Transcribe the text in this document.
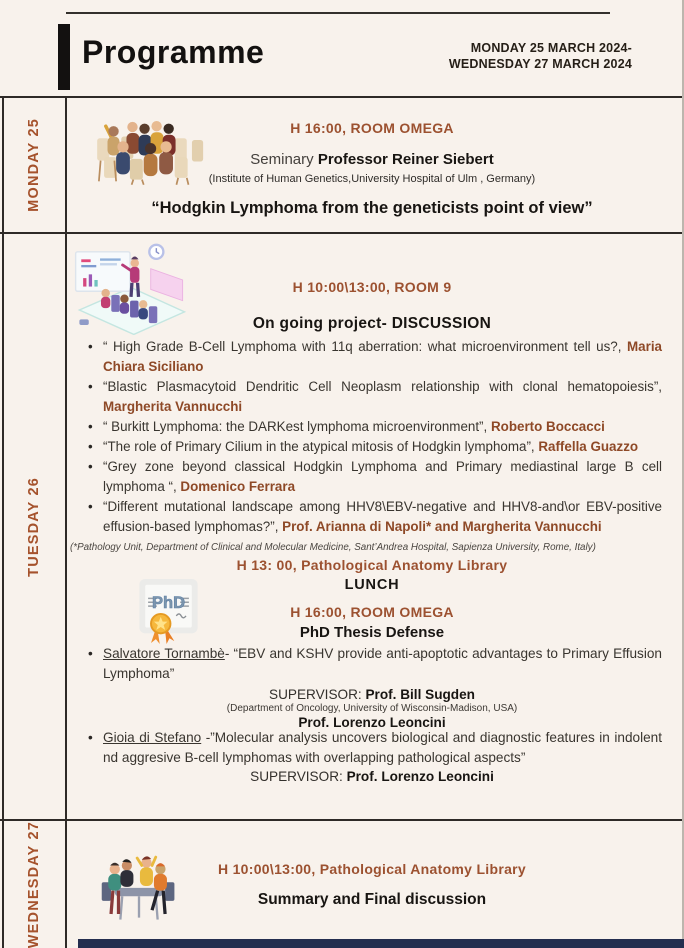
Programme	MONDAY 25 MARCH 2024-
WEDNESDAY 27 MARCH 2024
MONDAY 25
TUESDAY 26
WEDNESDAY 27
H 16:00, ROOM OMEGA
Seminary Professor Reiner Siebert
(Institute of Human Genetics,University Hospital of Ulm , Germany)
“Hodgkin Lymphoma from the geneticists point of view”
H 10:00\13:00, ROOM 9
On going project- DISCUSSION
• “ High Grade B-Cell Lymphoma with 11q aberration: what microenvironment tell us?, Maria Chiara Siciliano
• “Blastic Plasmacytoid Dendritic Cell Neoplasm relationship with clonal hematopoiesis”, Margherita Vannucchi
• “ Burkitt Lymphoma: the DARKest lymphoma microenvironment”, Roberto Boccacci
• “The role of Primary Cilium in the atypical mitosis of Hodgkin lymphoma”, Raffella Guazzo
• “Grey zone beyond classical Hodgkin Lymphoma and Primary mediastinal large B cell lymphoma “, Domenico Ferrara
• “Different mutational landscape among HHV8\EBV-negative and HHV8-and\or EBV-positive effusion-based lymphomas?”, Prof. Arianna di Napoli* and Margherita Vannucchi
(*Pathology Unit, Department of Clinical and Molecular Medicine, Sant’Andrea Hospital, Sapienza University, Rome, Italy)
H 13: 00, Pathological Anatomy Library
LUNCH
PhD	H 16:00, ROOM OMEGA
PhD Thesis Defense
• Salvatore Tornambè- “EBV and KSHV provide anti-apoptotic advantages to Primary Effusion Lymphoma”
SUPERVISOR: Prof. Bill Sugden
(Department of Oncology, University of Wisconsin-Madison, USA)
Prof. Lorenzo Leoncini
• Gioia di Stefano -”Molecular analysis uncovers biological and diagnostic features in indolent nd aggresive B-cell lymphomas with overlapping pathological aspects”
SUPERVISOR: Prof. Lorenzo Leoncini
H 10:00\13:00, Pathological Anatomy Library
Summary and Final discussion
